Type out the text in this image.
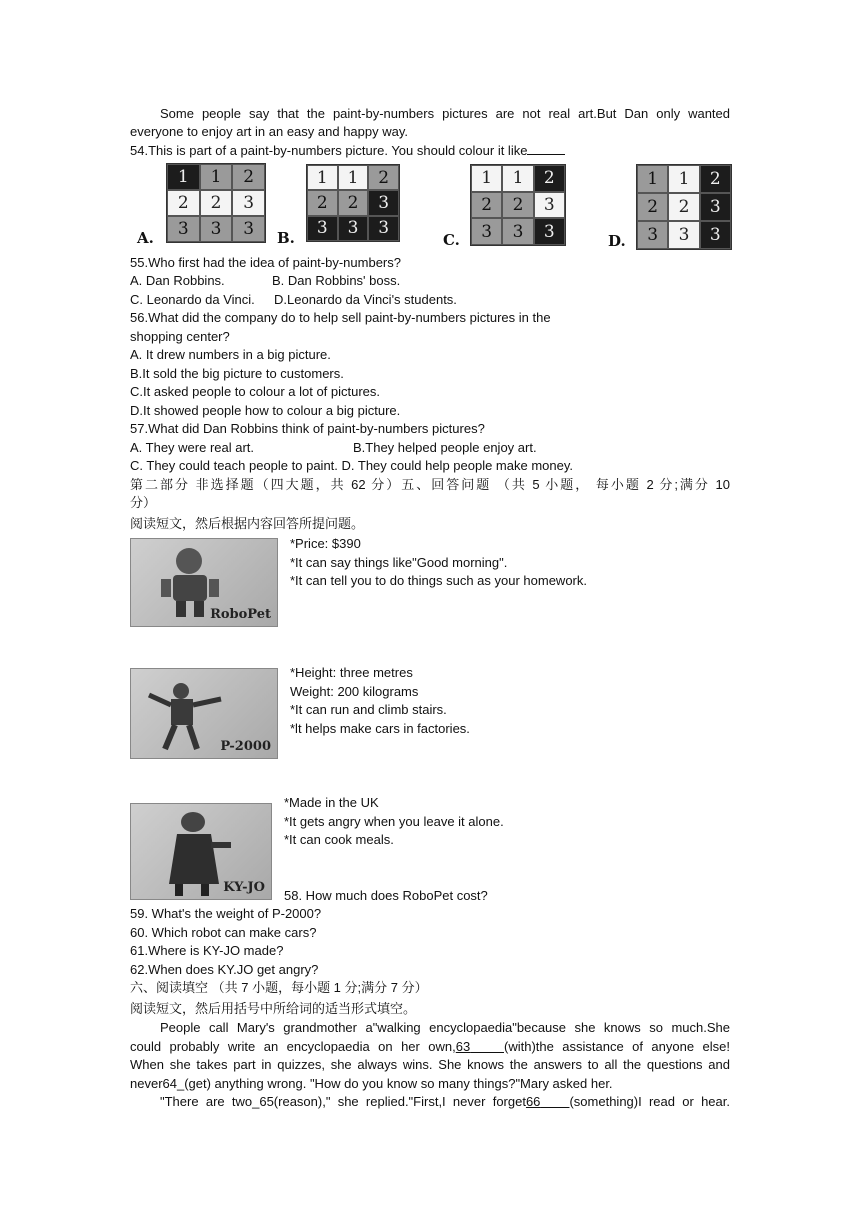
Some people say that the paint-by-numbers pictures are not real art.But Dan only wanted
everyone to enjoy art in an easy and happy way.
54.This is part of a paint-by-numbers picture. You should colour it like
A.
1	1	2
2	2	3
3	3	3	B.
1	1	2
2	2	3
3	3	3
C.
1	1	2
2	2	3
3	3	3	D.
1	1	2
2	2	3
3	3	3
55.Who first had the idea of paint-by-numbers?
A. Dan Robbins.	B. Dan Robbins' boss.
C. Leonardo da Vinci. D.Leonardo da Vinci's students.
56.What did the company do to help sell paint-by-numbers pictures in the
shopping center?
A. It drew numbers in a big picture.
B.It sold the big picture to customers.
C.It asked people to colour a lot of pictures.
D.It showed people how to colour a big picture.
57.What did Dan Robbins think of paint-by-numbers pictures?
A. They were real art.	B.They helped people enjoy art.
C. They could teach people to paint. D. They could help people make money.
第二部分 非选择题（四大题，共 62 分）五、回答问题 （共 5 小题， 每小题 2 分;满分 10
分）
阅读短文，然后根据内容回答所提问题。
RoboPet
*Price: $390
*It can say things like"Good morning".
*It can tell you to do things such as your homework.
P-2000
*Height: three metres
Weight: 200 kilograms
*It can run and climb stairs.
*lt helps make cars in factories.
KY-JO
*Made in the UK
*It gets angry when you leave it alone.
*It can cook meals.
58. How much does RoboPet cost?
59. What's the weight of P-2000?
60. Which robot can make cars?
61.Where is KY-JO made?
62.When does KY.JO get angry?
六、阅读填空 （共 7 小题，每小题 1 分;满分 7 分）
阅读短文，然后用括号中所给词的适当形式填空。
People call Mary's grandmother a"walking encyclopaedia"because she knows so much.She
could probably write an encyclopaedia on her own,63	(with)the assistance of anyone else!
When she takes part in quizzes, she always wins. She knows the answers to all the questions and
never64_(get) anything wrong. "How do you know so many things?"Mary asked her.
"There are two_65(reason)," she replied."First,I never forget66 (something)I read or hear.
